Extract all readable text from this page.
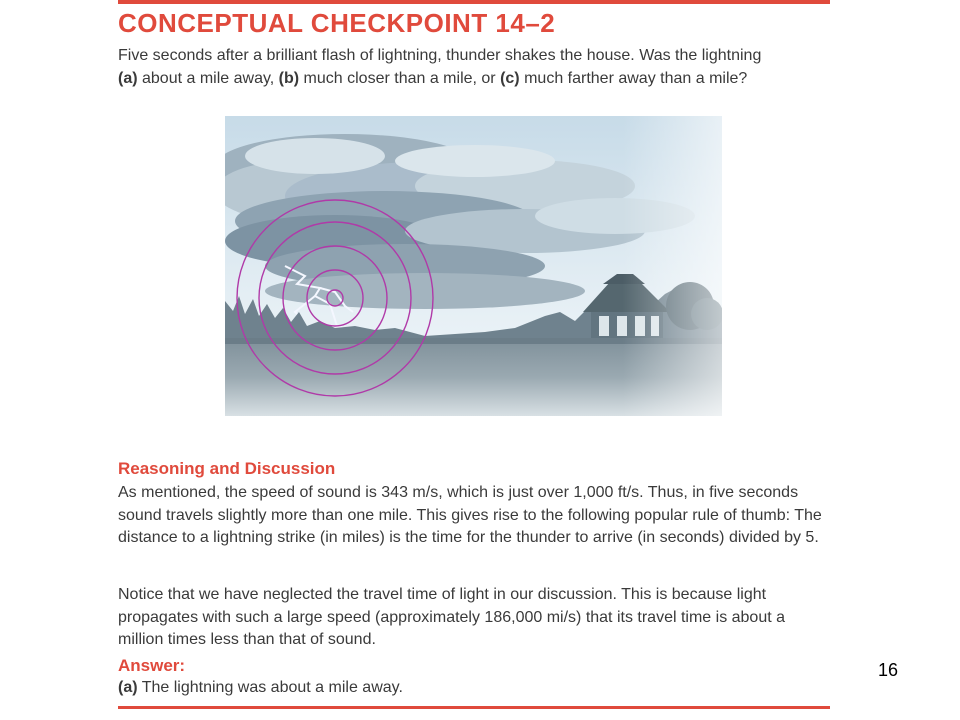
CONCEPTUAL CHECKPOINT 14–2

Five seconds after a brilliant flash of lightning, thunder shakes the house. Was the lightning
(a) about a mile away, (b) much closer than a mile, or (c) much farther away than a mile?

Reasoning and Discussion

As mentioned, the speed of sound is 343 m/s, which is just over 1,000 ft/s. Thus, in five seconds sound travels slightly more than one mile. This gives rise to the following popular rule of thumb: The distance to a lightning strike (in miles) is the time for the thunder to arrive (in seconds) divided by 5.

Notice that we have neglected the travel time of light in our discussion. This is because light propagates with such a large speed (approximately 186,000 mi/s) that its travel time is about a million times less than that of sound.

Answer:

(a) The lightning was about a mile away.

16
